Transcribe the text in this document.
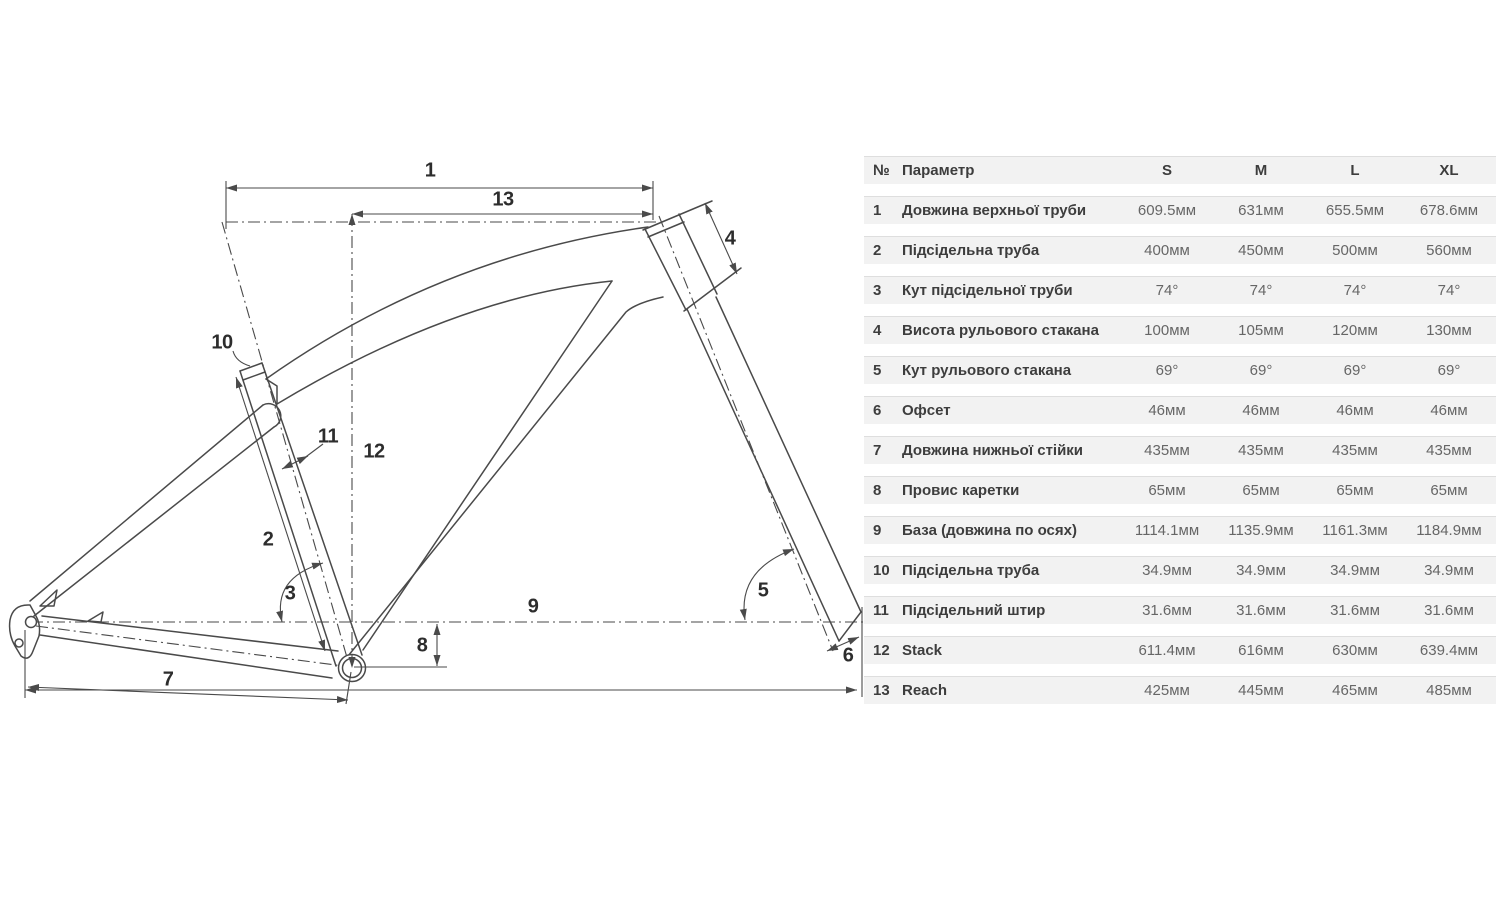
1
13
4
10
11
12
2
3	5
9
8	6
7
№ Параметр	S	M	L	XL
1	Довжина верхньої труби	609.5мм	631мм	655.5мм	678.6мм
2	Підсідельна труба	400мм	450мм	500мм	560мм
3	Кут підсідельної труби	74°	74°	74°	74°
4	Висота рульового стакана	100мм	105мм	120мм	130мм
5	Кут рульового стакана	69°	69°	69°	69°
6	Офсет	46мм	46мм	46мм	46мм
7	Довжина нижньої стійки	435мм	435мм	435мм	435мм
8	Провис каретки	65мм	65мм	65мм	65мм
9	База (довжина по осях)	1114.1мм	1135.9мм	1161.3мм	1184.9мм
10 Підсідельна труба	34.9мм	34.9мм	34.9мм	34.9мм
11 Підсідельний штир	31.6мм	31.6мм	31.6мм	31.6мм
12 Stack	611.4мм	616мм	630мм	639.4мм
13 Reach	425мм	445мм	465мм	485мм
